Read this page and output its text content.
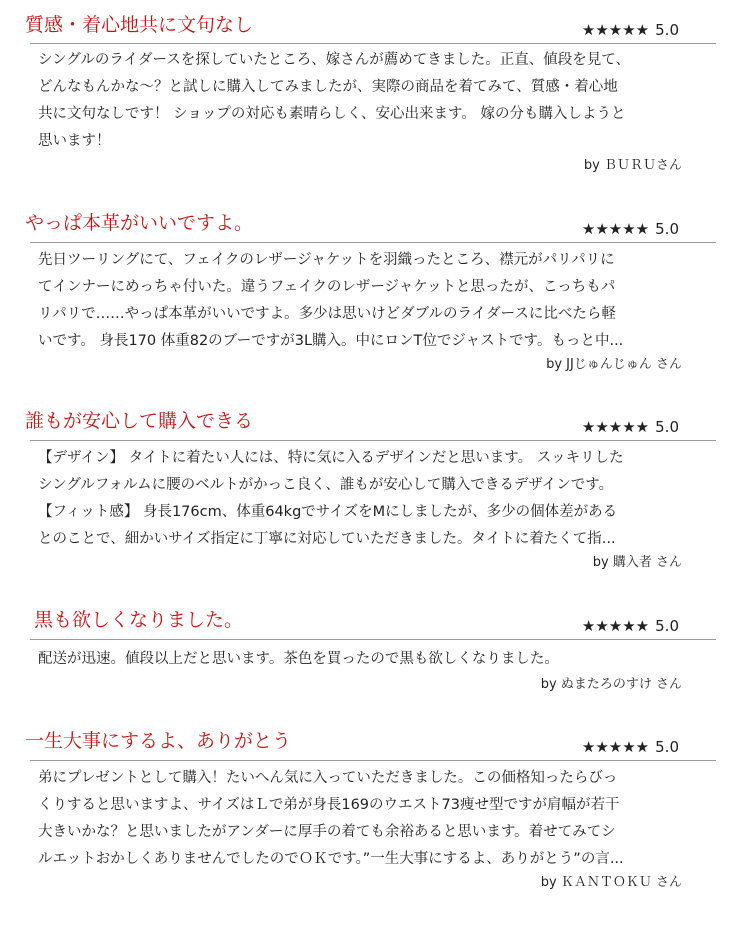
質感・着心地共に文句なし	★★★★★ 5.0
シングルのライダースを探していたところ、嫁さんが薦めてきました。正直、値段を見て、
どんなもんかな～？と試しに購入してみましたが、実際の商品を着てみて、質感・着心地
共に文句なしです！ ショップの対応も素晴らしく、安心出来ます。 嫁の分も購入しようと
思います！
by ＢＵＲＵさん
やっぱ本革がいいですよ。	★★★★★ 5.0
先日ツーリングにて、フェイクのレザージャケットを羽織ったところ、襟元がパリパリに
てインナーにめっちゃ付いた。違うフェイクのレザージャケットと思ったが、こっちもパ
リパリで……やっぱ本革がいいですよ。多少は思いけどダブルのライダースに比べたら軽
いです。 身長170 体重82のブーですが3L購入。中にロンT位でジャストです。もっと中...
by JJじゅんじゅん さん
誰もが安心して購入できる	★★★★★ 5.0
【デザイン】 タイトに着たい人には、特に気に入るデザインだと思います。 スッキリした
シングルフォルムに腰のベルトがかっこ良く、誰もが安心して購入できるデザインです。
【フィット感】 身長176cm、体重64kgでサイズをMにしましたが、多少の個体差がある
とのことで、細かいサイズ指定に丁寧に対応していただきました。タイトに着たくて指...
by 購入者 さん
黒も欲しくなりました。	★★★★★ 5.0
配送が迅速。値段以上だと思います。茶色を買ったので黒も欲しくなりました。
by ぬまたろのすけ さん
一生大事にするよ、ありがとう	★★★★★ 5.0
弟にプレゼントとして購入！たいへん気に入っていただきました。この価格知ったらびっ
くりすると思いますよ、サイズはＬで弟が身長169のウエスト73痩せ型ですが肩幅が若干
大きいかな？と思いましたがアンダーに厚手の着ても余裕あると思います。着せてみてシ
ルエットおかしくありませんでしたのでＯＫです。”一生大事にするよ、ありがとう”の言...
by ＫＡＮＴＯＫＵ さん
